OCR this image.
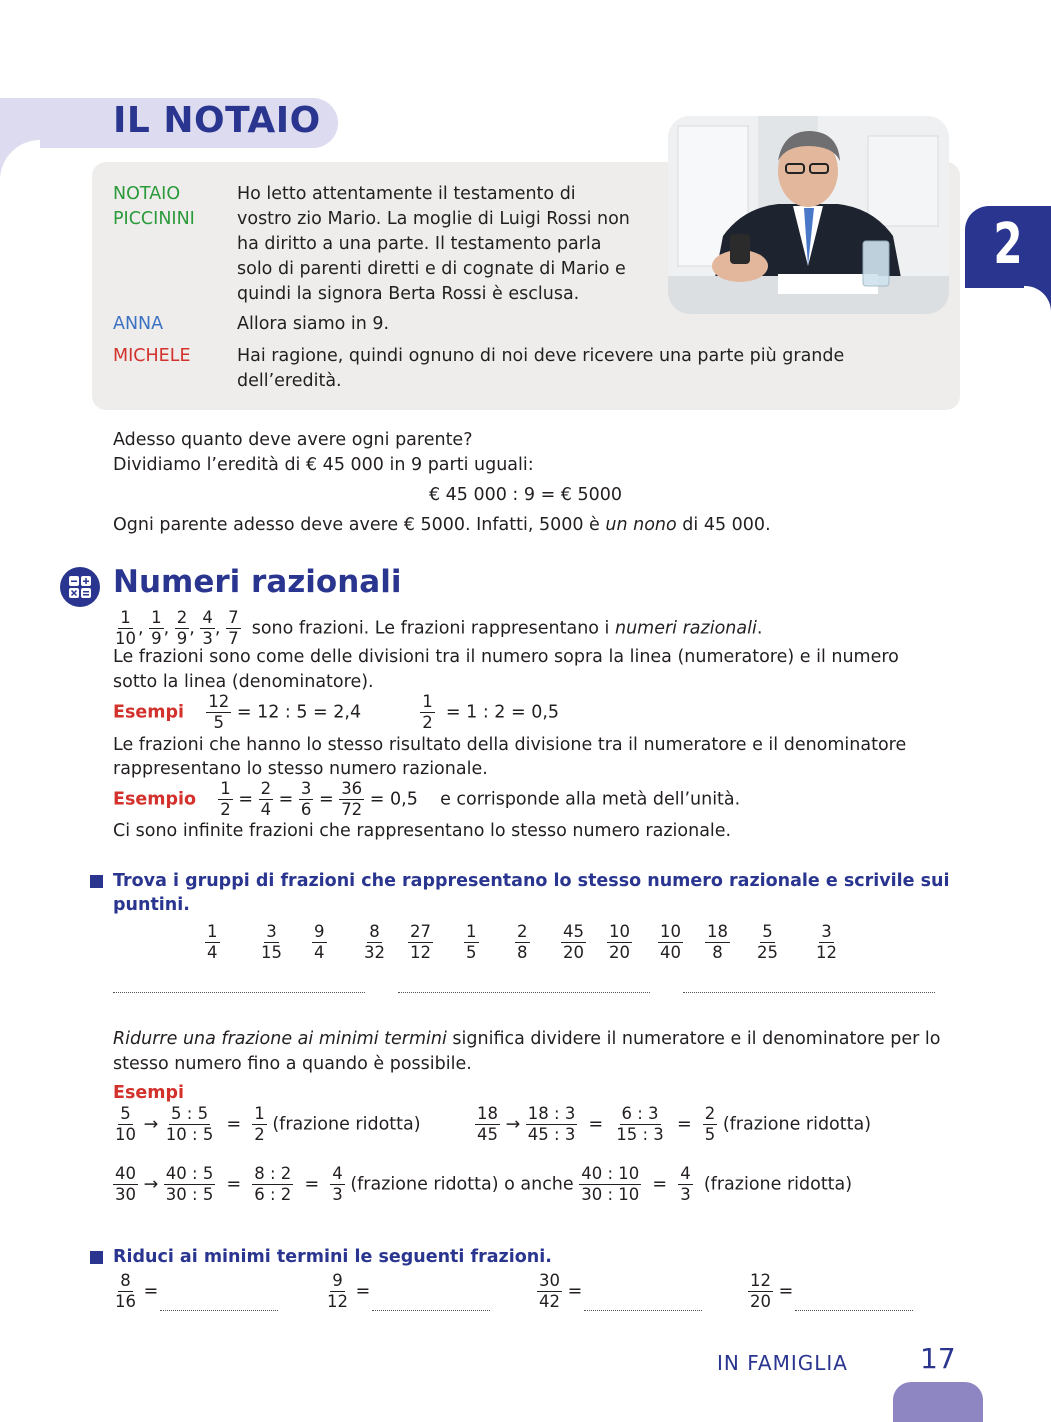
IL NOTAIO
2
NOTAIO
PICCININI
Ho letto attentamente il testamento di
vostro zio Mario. La moglie di Luigi Rossi non
ha diritto a una parte. Il testamento parla
solo di parenti diretti e di cognate di Mario e
quindi la signora Berta Rossi è esclusa.
ANNA	Allora siamo in 9.
MICHELE	Hai ragione, quindi ognuno di noi deve ricevere una parte più grande
dell’eredità.
Adesso quanto deve avere ogni parente?
Dividiamo l’eredità di € 45 000 in 9 parti uguali:
€ 45 000 : 9 = € 5000
Ogni parente adesso deve avere € 5000. Infatti, 5000 è un nono di 45 000.
Numeri razionali
$\frac{1}{10}$ , $\frac{1}{9}$ , $\frac{2}{9}$ , $\frac{4}{3}$ , $\frac{7}{7}$ sono frazioni. Le frazioni rappresentano i numeri razionali.
Le frazioni sono come delle divisioni tra il numero sopra la linea (numeratore) e il numero
sotto la linea (denominatore).
Esempi $\frac{12}{5} = 12$ : 5 = 2,4	$\frac{1}{2} = 1$ : 2 = 0,5
Le frazioni che hanno lo stesso risultato della divisione tra il numeratore e il denominatore
rappresentano lo stesso numero razionale.
Esempio $\frac{1}{2} = \frac{2}{4} = \frac{3}{6} = \frac{36}{72} = 0,5$ e corrisponde alla metà dell’unità.
Ci sono infinite frazioni che rappresentano lo stesso numero razionale.
Trova i gruppi di frazioni che rappresentano lo stesso numero razionale e scrivile sui
puntini.
$\frac{1}{4} \frac{3}{15} \frac{9}{4} \frac{8}{32} \frac{27}{12} \frac{1}{5} \frac{2}{8} \frac{45}{20} \frac{10}{20} \frac{10}{40} \frac{18}{8} \frac{5}{25} \frac{3}{12}$
Ridurre una frazione ai minimi termini significa dividere il numeratore e il denominatore per lo
stesso numero fino a quando è possibile.
Esempi
$\frac{5}{10} \to \frac{5 : 5}{10 : 5} = \frac{1}{2}$ (frazione ridotta)	$\frac{18}{45} \to \frac{18 : 3}{45 : 3} = \frac{6 : 3}{15 : 3} = \frac{2}{5}$ (frazione ridotta)
$\frac{40}{30} \to \frac{40 : 5}{30 : 5} = \frac{8 : 2}{6 : 2} = \frac{4}{3}$ (frazione ridotta) o anche $\frac{40 : 10}{30 : 10} = \frac{4}{3}$ (frazione ridotta)
Riduci ai minimi termini le seguenti frazioni.
$\frac{8}{16}$ =	$\frac{9}{12}$ =	$\frac{30}{42}$ =	$\frac{12}{20}$ =
IN FAMIGLIA	17
